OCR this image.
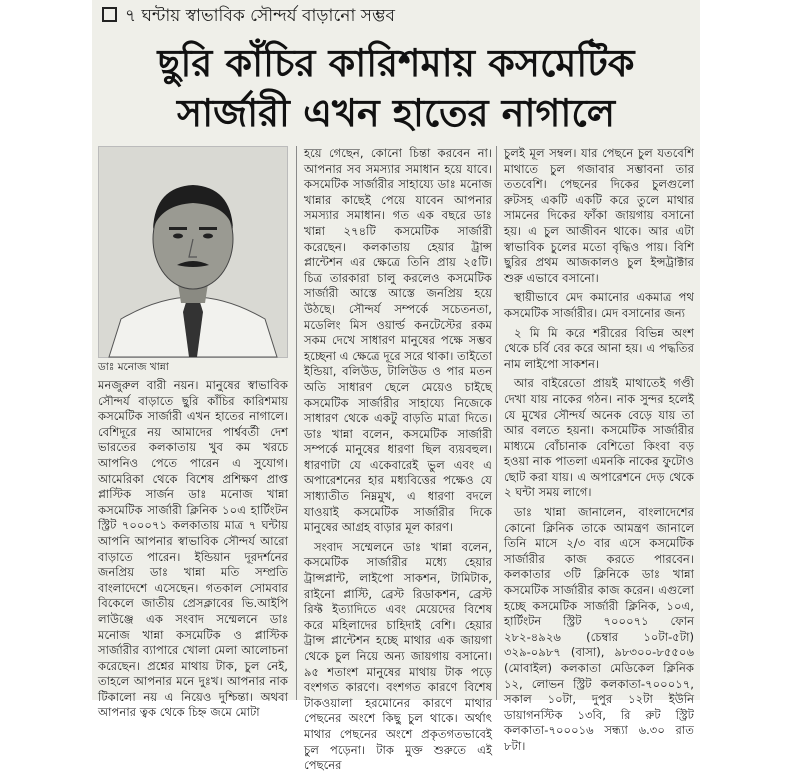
৭ ঘন্টায় স্বাভাবিক সৌন্দর্য বাড়ানো সম্ভব
ছুরি কাঁচির কারিশমায় কসমেটিক
সার্জারী এখন হাতের নাগালে
ডাঃ মনোজ খান্না

মনজুরুল বারী নয়ন। মানুষের স্বাভাবিক সৌন্দর্য বাড়াতে ছুরি কাঁচির কারিশমায় কসমেটিক সার্জারী এখন হাতের নাগালে। বেশিদূরে নয় আমাদের পার্শ্ববর্তী দেশ ভারতের কলকাতায় খুব কম খরচে আপনিও পেতে পারেন এ সুযোগ। আমেরিকা থেকে বিশেষ প্রশিক্ষণ প্রাপ্ত প্লাস্টিক সার্জন ডাঃ মনোজ খান্না কসমেটিক সার্জারী ক্লিনিক ১০এ হার্টিংটন স্ট্রিট ৭০০০৭১ কলকাতায় মাত্র ৭ ঘন্টায় আপনি আপনার স্বাভাবিক সৌন্দর্য আরো বাড়াতে পারেন। ইন্ডিয়ান দূরদর্শনের জনপ্রিয় ডাঃ খান্না মতি সম্প্রতি বাংলাদেশে এসেছেন। গতকাল সোমবার বিকেলে জাতীয় প্রেসক্লাবের ভি.আইপি লাউঞ্জে এক সংবাদ সম্মেলনে ডাঃ মনোজ খান্না কসমেটিক ও প্লাস্টিক সার্জারীর ব্যাপারে খোলা মেলা আলোচনা করেছেন। প্রশ্নের মাথায় টাক, চুল নেই, তাহলে আপনার মনে দুঃখ। আপনার নাক টিকালো নয় এ নিয়েও দুশ্চিন্তা। অথবা আপনার ত্বক থেকে চিহ্ন জমে মোটা

হয়ে গেছেন, কোনো চিন্তা করবেন না। আপনার সব সমস্যার সমাধান হয়ে যাবে। কসমেটিক সার্জারীর সাহায্যে ডাঃ মনোজ খান্নার কাছেই পেয়ে যাবেন আপনার সমস্যার সমাধান। গত এক বছরে ডাঃ খান্না ২৭৪টি কসমেটিক সার্জারী করেছেন। কলকাতায় হেয়ার ট্রান্স প্লান্টেশন এর ক্ষেত্রে তিনি প্রায় ২৫টি। চিত্র তারকারা চালু করলেও কসমেটিক সার্জারী আস্তে আস্তে জনপ্রিয় হয়ে উঠছে। সৌন্দর্য সম্পর্কে সচেতনতা, মডেলিং মিস ওয়ার্ল্ড কনটেস্টের রকম সকম দেখে সাধারণ মানুষের পক্ষে সম্ভব হচ্ছেনা এ ক্ষেত্রে দূরে সরে থাকা। তাইতো ইন্ডিয়া, বলিউড, টালিউড ও পার মতন অতি সাধারণ ছেলে মেয়েও চাইছে কসমেটিক সার্জারীর সাহায্যে নিজেকে সাধারণ থেকে একটু বাড়তি মাত্রা দিতে। ডাঃ খান্না বলেন, কসমেটিক সার্জারী সম্পর্কে মানুষের ধারণা ছিল ব্যয়বহুল। ধারণাটা যে একেবারেই ভুল এবং এ অপারেশনের হার মধ্যবিত্তের পক্ষেও যে সাধ্যাতীত নিম্নমুখ, এ ধারণা বদলে যাওয়াই কসমেটিক সার্জারীর দিকে মানুষের আগ্রহ বাড়ার মূল কারণ।

সংবাদ সম্মেলনে ডাঃ খান্না বলেন, কসমেটিক সার্জারীর মধ্যে হেয়ার ট্রান্সপ্লান্ট, লাইপো সাকশন, টামিটাক, রাইনো প্লাস্টি, ব্রেস্ট রিডাকশন, ব্রেস্ট রিফ্ট ইত্যাদিতে এবং মেয়েদের বিশেষ করে মহিলাদের চাহিদাই বেশি। হেয়ার ট্রান্স প্লান্টেশন হচ্ছে মাথার এক জায়গা থেকে চুল নিয়ে অন্য জায়গায় বসানো। ৯৫ শতাংশ মানুষের মাথায় টাক পড়ে বংশগত কারণে। বংশগত কারণে বিশেষ টাকওয়ালা হরমোনের কারণে মাথার পেছনের অংশে কিছু চুল থাকে। অর্থাৎ মাথার পেছনের অংশে প্রকৃতগতভাবেই চুল পড়েনা। টাক মুক্ত শুরুতে এই পেছনের

চুলই মূল সম্বল। যার পেছনে চুল যতবেশি মাথাতে চুল গজাবার সম্ভাবনা তার ততবেশি। পেছনের দিকের চুলগুলো রুটসহ একটি একটি করে তুলে মাথার সামনের দিকের ফাঁকা জায়গায় বসানো হয়। এ চুল আজীবন থাকে। আর এটা স্বাভাবিক চুলের মতো বৃদ্ধিও পায়। বিশি ছুরির প্রথম আজকালও চুল ইন্সট্রাক্টার শুরু এভাবে বসানো।

স্থায়ীভাবে মেদ কমানোর একমাত্র পথ কসমেটিক সার্জারীর। মেদ বসানোর জন্য

২ মি মি করে শরীরের বিভিন্ন অংশ থেকে চর্বি বের করে আনা হয়। এ পদ্ধতির নাম লাইপো সাকশন।

আর বাইরেতো প্রায়ই মাথাতেই গণ্ডী দেখা যায় নাকের গঠন। নাক সুন্দর হলেই যে মুখের সৌন্দর্য অনেক বেড়ে যায় তা আর বলতে হয়না। কসমেটিক সার্জারীর মাধ্যমে বোঁচানাক বেশিতো কিংবা বড় হওয়া নাক পাতলা এমনকি নাকের ফুটোও ছোট করা যায়। এ অপারেশনে দেড় থেকে ২ ঘন্টা সময় লাগে।

ডাঃ খান্না জানালেন, বাংলাদেশের কোনো ক্লিনিক তাকে আমন্ত্রণ জানালে তিনি মাসে ২/৩ বার এসে কসমেটিক সার্জারীর কাজ করতে পারবেন। কলকাতার ৩টি ক্লিনিকে ডাঃ খান্না কসমেটিক সার্জারীর কাজ করেন। এগুলো হচ্ছে কসমেটিক সার্জারী ক্লিনিক, ১০এ, হার্টিংটন স্ট্রিট ৭০০০৭১ ফোন ২৮২-৪৯২৬ (চেম্বার ১০টা-৫টা) ৩২৯-০৯৮৭ (বাসা), ৯৮৩০০-৮৫৫০৬ (মোবাইল) কলকাতা মেডিকেল ক্লিনিক ১২, লোভন স্ট্রিট কলকাতা-৭০০০১৭, সকাল ১০টা, দুপুর ১২টা ইউনি ডায়াগনস্টিক ১৩বি, রি রুট স্ট্রিট কলকাতা-৭০০০১৬ সন্ধ্যা ৬.৩০ রাত ৮টা।
